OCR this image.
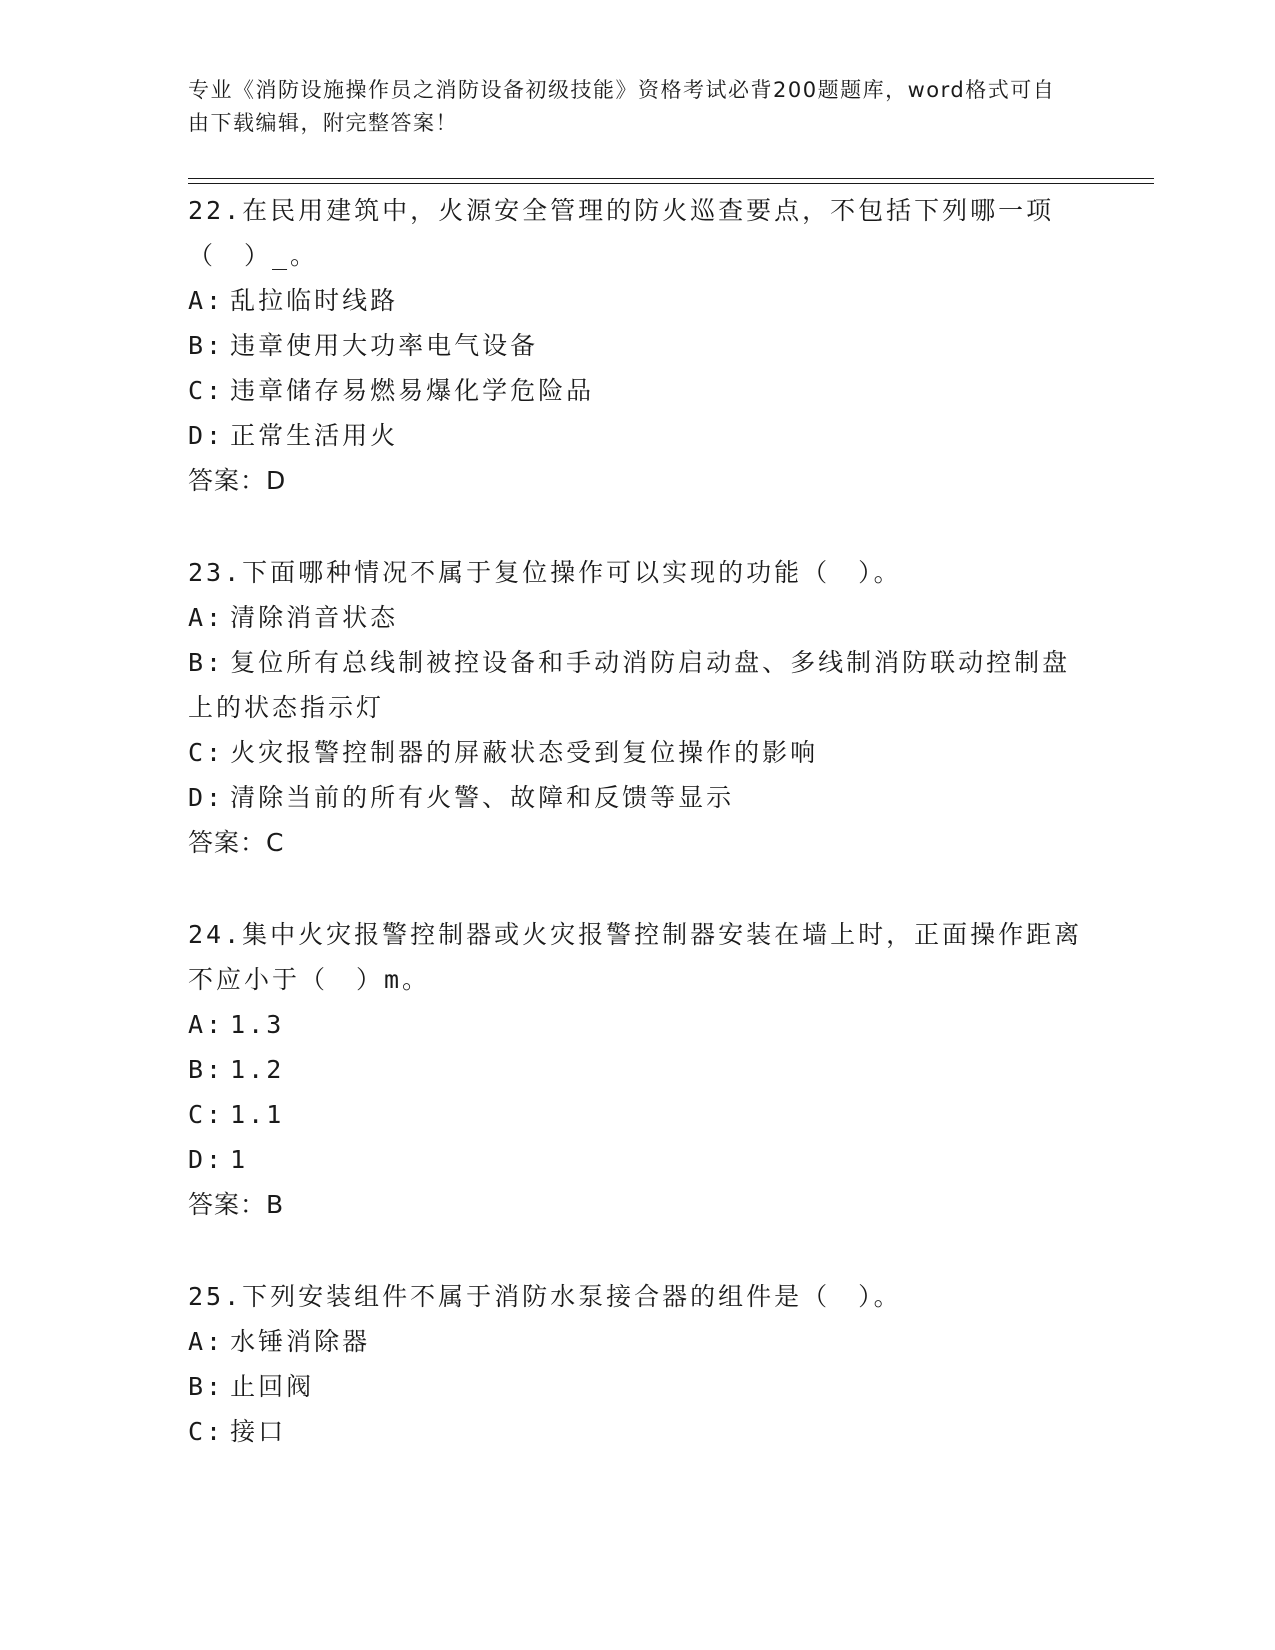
专业《消防设施操作员之消防设备初级技能》资格考试必背200题题库，word格式可自由下载编辑，附完整答案！
22.在民用建筑中，火源安全管理的防火巡查要点，不包括下列哪一项（　）_。
A: 乱拉临时线路
B: 违章使用大功率电气设备
C: 违章储存易燃易爆化学危险品
D: 正常生活用火
答案：D
23.下面哪种情况不属于复位操作可以实现的功能（　）。
A: 清除消音状态
B: 复位所有总线制被控设备和手动消防启动盘、多线制消防联动控制盘上的状态指示灯
C: 火灾报警控制器的屏蔽状态受到复位操作的影响
D: 清除当前的所有火警、故障和反馈等显示
答案：C
24.集中火灾报警控制器或火灾报警控制器安装在墙上时，正面操作距离不应小于（　）m。
A: 1.3
B: 1.2
C: 1.1
D: 1
答案：B
25.下列安装组件不属于消防水泵接合器的组件是（　）。
A: 水锤消除器
B: 止回阀
C: 接口
